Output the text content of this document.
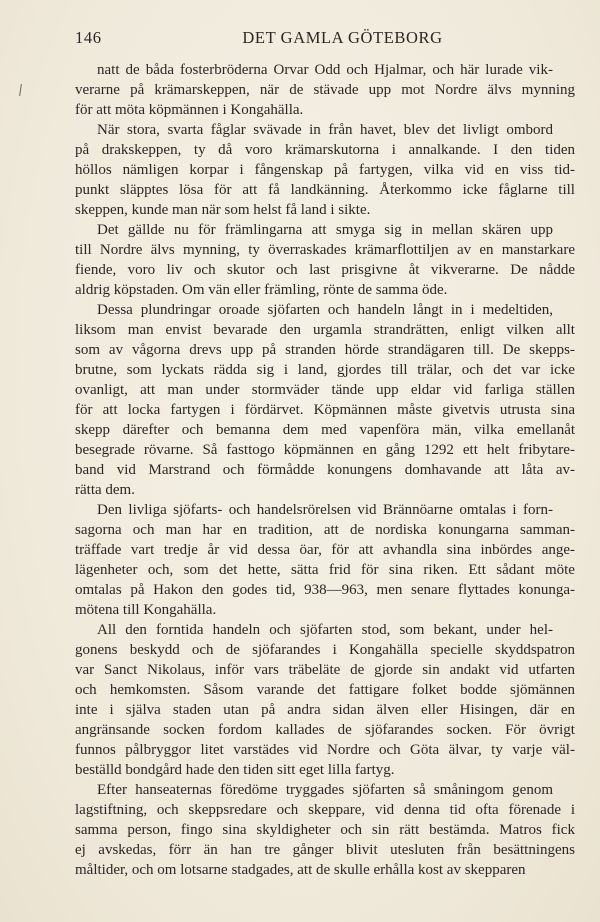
146	DET GAMLA GÖTEBORG

natt de båda fosterbröderna Orvar Odd och Hjalmar, och här lurade vik-
verarne på krämarskeppen, när de stävade upp mot Nordre älvs mynning
för att möta köpmännen i Kongahälla.

När stora, svarta fåglar svävade in från havet, blev det livligt ombord
på drakskeppen, ty då voro krämarskutorna i annalkande. I den tiden
höllos nämligen korpar i fångenskap på fartygen, vilka vid en viss tid-
punkt släpptes lösa för att få landkänning. Återkommo icke fåglarne till
skeppen, kunde man när som helst få land i sikte.

Det gällde nu för främlingarna att smyga sig in mellan skären upp
till Nordre älvs mynning, ty överraskades krämarflottiljen av en manstarkare
fiende, voro liv och skutor och last prisgivne åt vikverarne. De nådde
aldrig köpstaden. Om vän eller främling, rönte de samma öde.

Dessa plundringar oroade sjöfarten och handeln långt in i medeltiden,
liksom man envist bevarade den urgamla strandrätten, enligt vilken allt
som av vågorna drevs upp på stranden hörde strandägaren till. De skepps-
brutne, som lyckats rädda sig i land, gjordes till trälar, och det var icke
ovanligt, att man under stormväder tände upp eldar vid farliga ställen
för att locka fartygen i fördärvet. Köpmännen måste givetvis utrusta sina
skepp därefter och bemanna dem med vapenföra män, vilka emellanåt
besegrade rövarne. Så fasttogo köpmännen en gång 1292 ett helt fribytare-
band vid Marstrand och förmådde konungens domhavande att låta av-
rätta dem.

Den livliga sjöfarts- och handelsrörelsen vid Brännöarne omtalas i forn-
sagorna och man har en tradition, att de nordiska konungarna samman-
träffade vart tredje år vid dessa öar, för att avhandla sina inbördes ange-
lägenheter och, som det hette, sätta frid för sina riken. Ett sådant möte
omtalas på Hakon den godes tid, 938—963, men senare flyttades konunga-
mötena till Kongahälla.

All den forntida handeln och sjöfarten stod, som bekant, under hel-
gonens beskydd och de sjöfarandes i Kongahälla specielle skyddspatron
var Sanct Nikolaus, inför vars träbeläte de gjorde sin andakt vid utfarten
och hemkomsten. Såsom varande det fattigare folket bodde sjömännen
inte i själva staden utan på andra sidan älven eller Hisingen, där en
angränsande socken fordom kallades de sjöfarandes socken. För övrigt
funnos pålbryggor litet varstädes vid Nordre och Göta älvar, ty varje väl-
beställd bondgård hade den tiden sitt eget lilla fartyg.

Efter hanseaternas föredöme tryggades sjöfarten så småningom genom
lagstiftning, och skeppsredare och skeppare, vid denna tid ofta förenade i
samma person, fingo sina skyldigheter och sin rätt bestämda. Matros fick
ej avskedas, förr än han tre gånger blivit utesluten från besättningens
måltider, och om lotsarne stadgades, att de skulle erhålla kost av skepparen
